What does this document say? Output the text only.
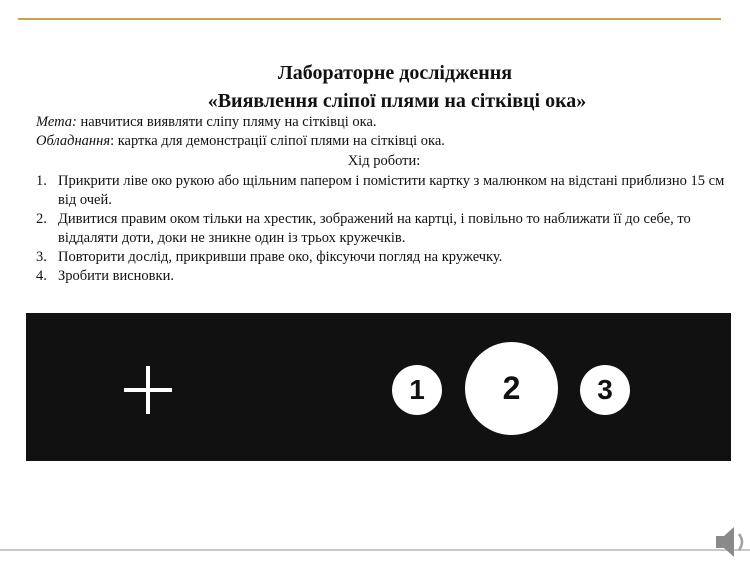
Лабораторне дослідження
«Виявлення сліпої плями на сітківці ока»
Мета: навчитися виявляти сліпу пляму на сітківці ока.
Обладнання: картка для демонстрації сліпої плями на сітківці ока.
Хід роботи:
1. Прикрити ліве око рукою або щільним папером і помістити картку з малюнком на відстані приблизно 15 см від очей.
2. Дивитися правим оком тільки на хрестик, зображений на картці, і повільно то наближати її до себе, то віддаляти доти, доки не зникне один із трьох кружечків.
3. Повторити дослід, прикривши праве око, фіксуючи погляд на кружечку.
4. Зробити висновки.
1	2	3
